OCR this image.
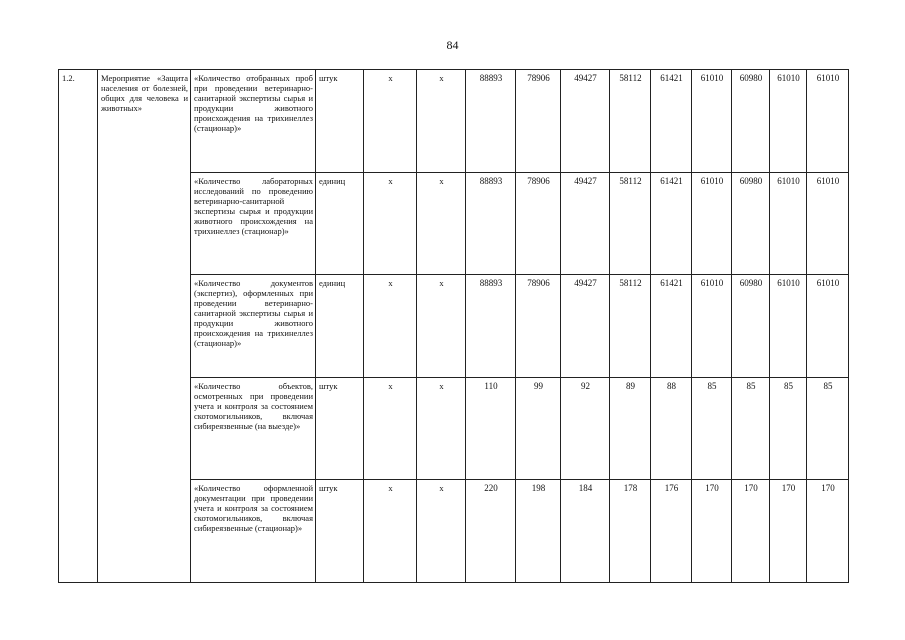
84
1.2.	Мероприятие «Защита населения от болезней, общих для человека и животных»	«Количество отобранных проб при проведении ветеринарно-санитарной экспертизы сырья и продукции животного происхождения на трихинеллез (стационар)»	штук	х	х	88893	78906	49427	58112	61421	61010	60980	61010	61010
		«Количество лабораторных исследований по проведению ветеринарно-санитарной экспертизы сырья и продукции животного происхождения на трихинеллез (стационар)»	единиц	х	х	88893	78906	49427	58112	61421	61010	60980	61010	61010
		«Количество документов (экспертиз), оформленных при проведении ветеринарно-санитарной экспертизы сырья и продукции животного происхождения на трихинеллез (стационар)»	единиц	х	х	88893	78906	49427	58112	61421	61010	60980	61010	61010
		«Количество объектов, осмотренных при проведении учета и контроля за состоянием скотомогильников, включая сибиреязвенные (на выезде)»	штук	х	х	110	99	92	89	88	85	85	85	85
		«Количество оформленной документации при проведении учета и контроля за состоянием скотомогильников, включая сибиреязвенные (стационар)»	штук	х	х	220	198	184	178	176	170	170	170	170
